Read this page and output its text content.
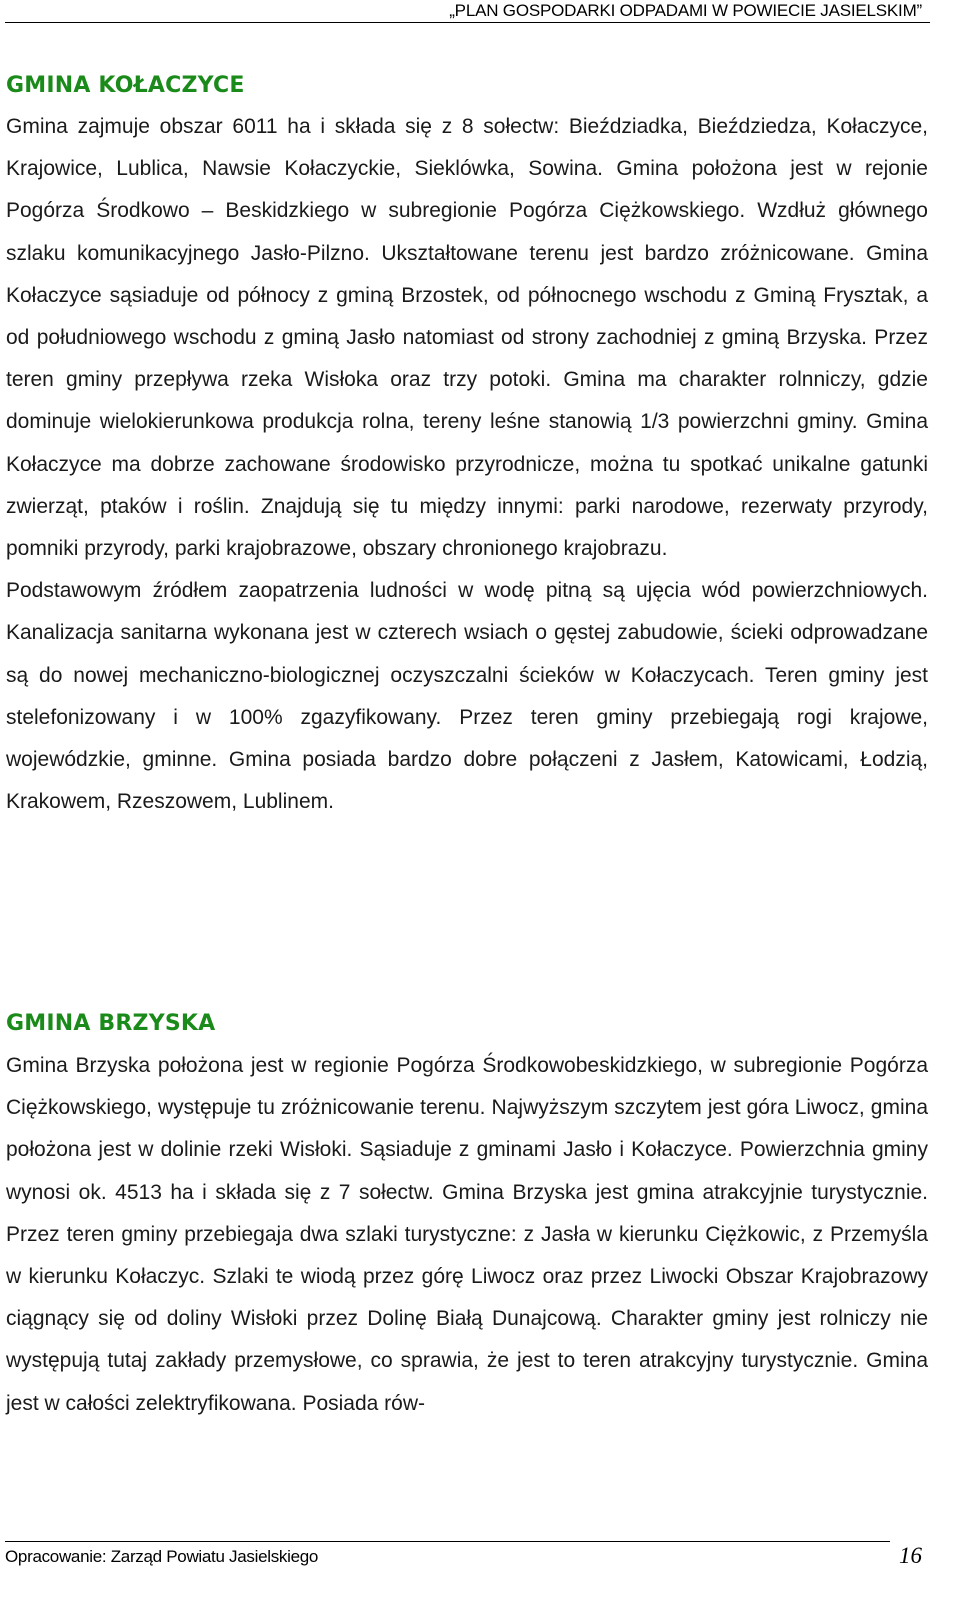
„PLAN GOSPODARKI ODPADAMI W POWIECIE JASIELSKIM”
GMINA KOŁACZYCE

Gmina zajmuje obszar 6011 ha i składa się z 8 sołectw: Bieździadka, Bieździedza, Kołaczyce, Krajowice, Lublica, Nawsie Kołaczyckie, Sieklówka, Sowina. Gmina położona jest w rejonie Pogórza Środkowo – Beskidzkiego w subregionie Pogórza Ciężkowskiego. Wzdłuż głównego szlaku komunikacyjnego Jasło-Pilzno. Ukształtowane terenu jest bardzo zróżnicowane. Gmina Kołaczyce sąsiaduje od północy z gminą Brzostek, od północnego wschodu z Gminą Frysztak, a od południowego wschodu z gminą Jasło natomiast od strony zachodniej z gminą Brzyska. Przez teren gminy przepływa rzeka Wisłoka oraz trzy potoki. Gmina ma charakter rolnniczy, gdzie dominuje wielokierunkowa produkcja rolna, tereny leśne stanowią 1/3 powierzchni gminy. Gmina Kołaczyce ma dobrze zachowane środowisko przyrodnicze, można tu spotkać unikalne gatunki zwierząt, ptaków i roślin. Znajdują się tu między innymi: parki narodowe, rezerwaty przyrody, pomniki przyrody, parki krajobrazowe, obszary chronionego krajobrazu.

Podstawowym źródłem zaopatrzenia ludności w wodę pitną są ujęcia wód powierzchniowych. Kanalizacja sanitarna wykonana jest w czterech wsiach o gęstej zabudowie, ścieki odprowadzane są do nowej mechaniczno-biologicznej oczyszczalni ścieków w Kołaczycach. Teren gminy jest stelefonizowany i w 100% zgazyfikowany. Przez teren gminy przebiegają rogi krajowe, wojewódzkie, gminne. Gmina posiada bardzo dobre połączeni z Jasłem, Katowicami, Łodzią, Krakowem, Rzeszowem, Lublinem.

GMINA BRZYSKA

Gmina Brzyska położona jest w regionie Pogórza Środkowobeskidzkiego, w subregionie Pogórza Ciężkowskiego, występuje tu zróżnicowanie terenu. Najwyższym szczytem jest góra Liwocz, gmina położona jest w dolinie rzeki Wisłoki. Sąsiaduje z gminami Jasło i Kołaczyce. Powierzchnia gminy wynosi ok. 4513 ha i składa się z 7 sołectw. Gmina Brzyska jest gmina atrakcyjnie turystycznie. Przez teren gminy przebiegaja dwa szlaki turystyczne: z Jasła w kierunku Ciężkowic, z Przemyśla w kierunku Kołaczyc. Szlaki te wiodą przez górę Liwocz oraz przez Liwocki Obszar Krajobrazowy ciągnący się od doliny Wisłoki przez Dolinę Białą Dunajcową. Charakter gminy jest rolniczy nie występują tutaj zakłady przemysłowe, co sprawia, że jest to teren atrakcyjny turystycznie. Gmina jest w całości zelektryfikowana. Posiada rów-

Opracowanie: Zarząd Powiatu Jasielskiego	16
